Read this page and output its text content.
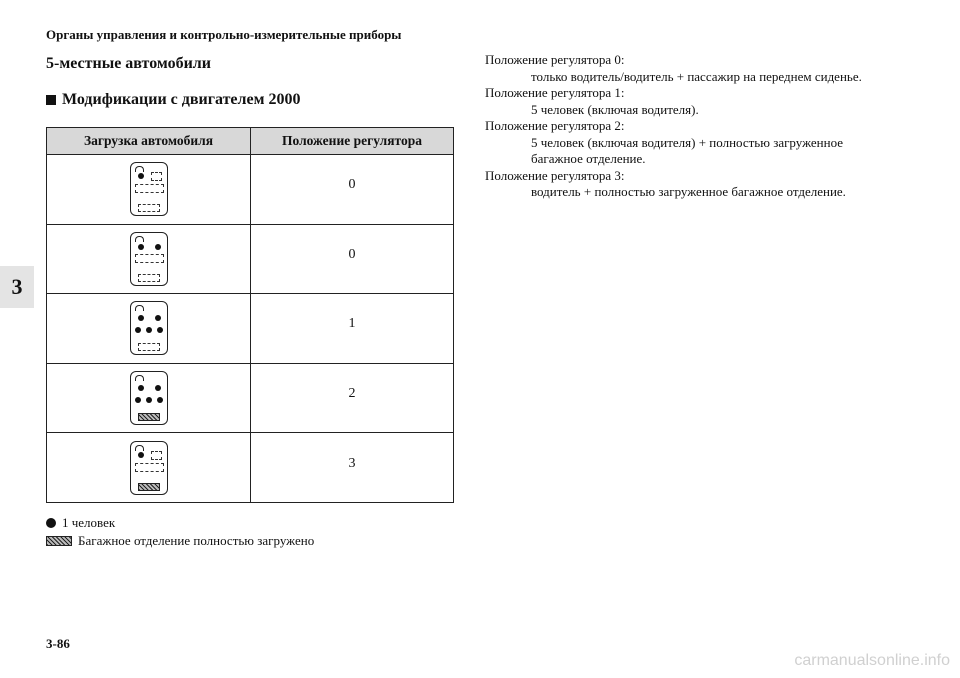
Органы управления и контрольно-измерительные приборы
3
5-местные автомобили
Модификации с двигателем 2000
Загрузка автомобиля	Положение регулятора
0
0
1
2
3
1 человек
Багажное отделение полностью загружено
Положение регулятора 0:
только водитель/водитель + пассажир на переднем сиденье.
Положение регулятора 1:
5 человек (включая водителя).
Положение регулятора 2:
5 человек (включая водителя) + полностью загруженное
багажное отделение.
Положение регулятора 3:
водитель + полностью загруженное багажное отделение.
3-86
carmanualsonline.info
